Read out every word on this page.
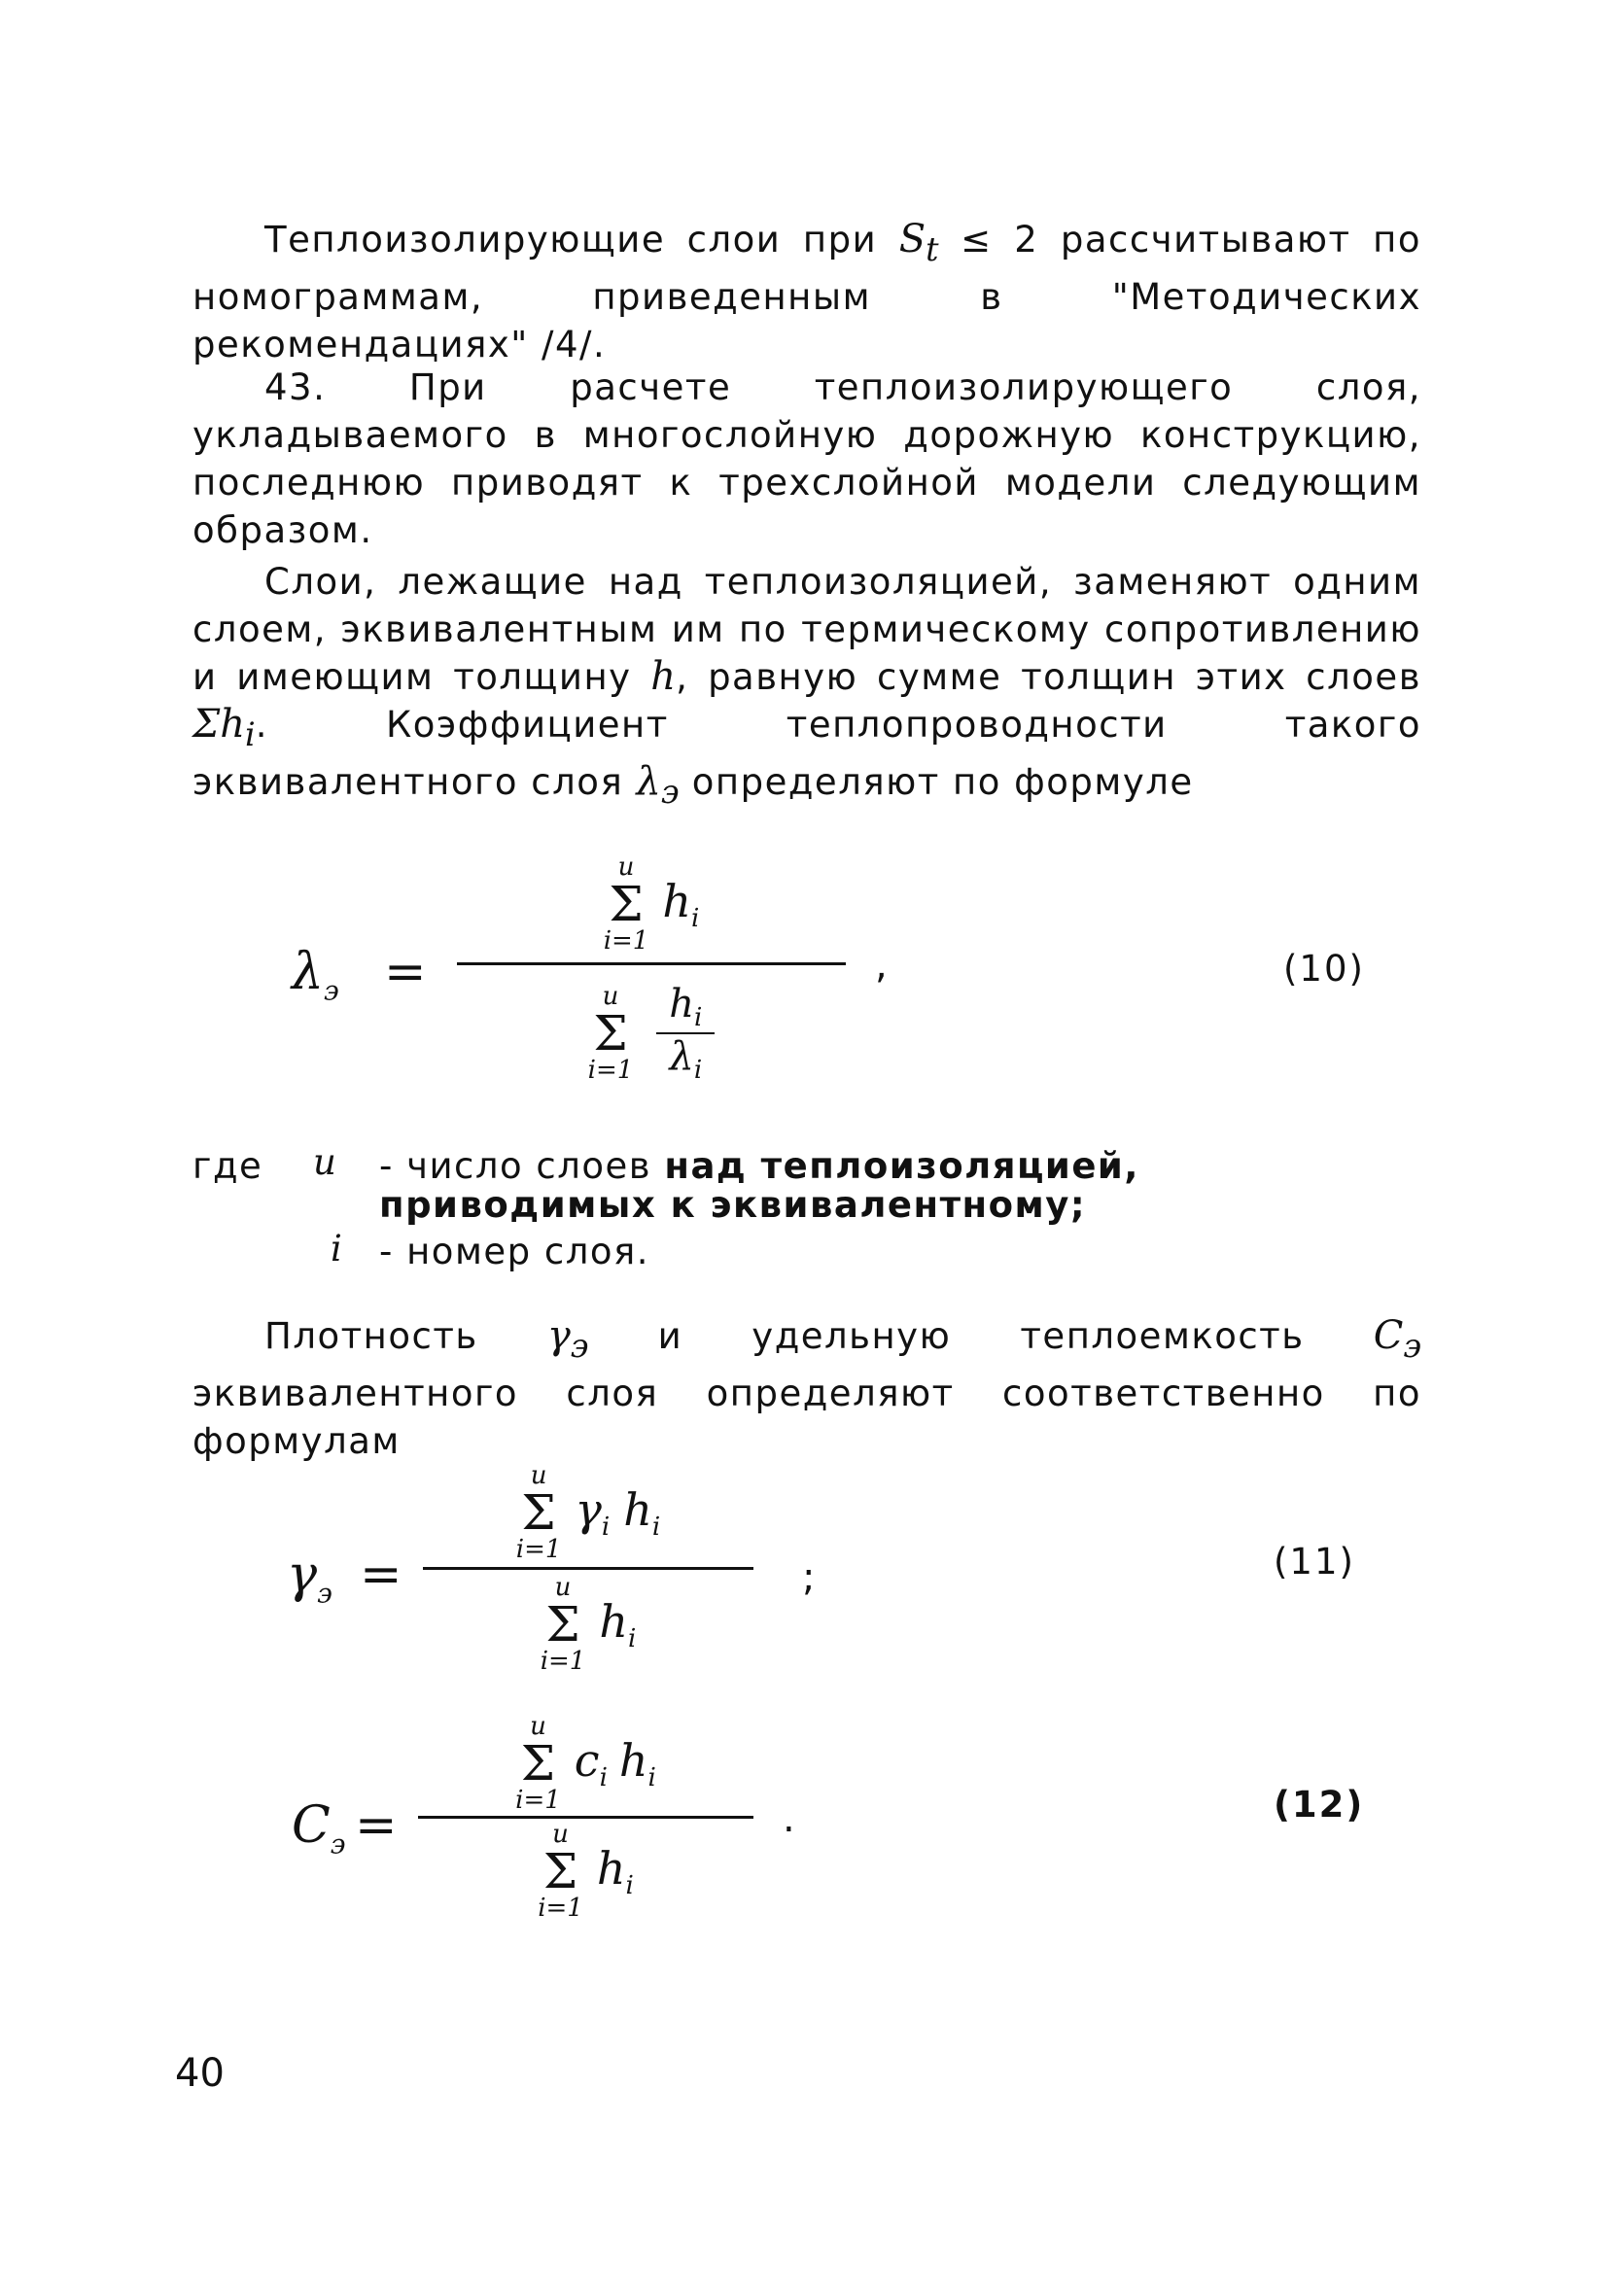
Теплоизолирующие слои при $S_t \le 2$ рассчитывают по номограммам, приведенным в "Методических рекомендациях" /4/.

43. При расчете теплоизолирующего слоя, укладываемого в многослойную дорожную конструкцию, последнюю приводят к трехслойной модели следующим образом.

Слои, лежащие над теплоизоляцией, заменяют одним слоем, эквивалентным им по термическому сопротивлению и имеющим толщину h, равную сумме толщин этих слоев $\Sigma h_i$. Коэффициент теплопроводности такого эквивалентного слоя $\lambda_э$ определяют по формуле

$\lambda_э$ =
u
Σ
i=1
$h_i$
u
Σ
$i=1 \frac{h_i}{\lambda_i}$
,	(10)
где u - число слоев над теплоизоляцией, приводимых к эквивалентному;
i - номер слоя.

Плотность $\gamma_э$ и удельную теплоемкость $C_э$ эквивалентного слоя определяют соответственно по формулам

$\gamma_э$ =
u
Σ
i=1
$\gamma_i$ $h_i$
u
Σ
i=1
$h_i$
;	(11)
$C_э$ =
u
Σ
i=1
$c_i$ $h_i$
u
Σ
i=1
$h_i$
.	(12)
40
